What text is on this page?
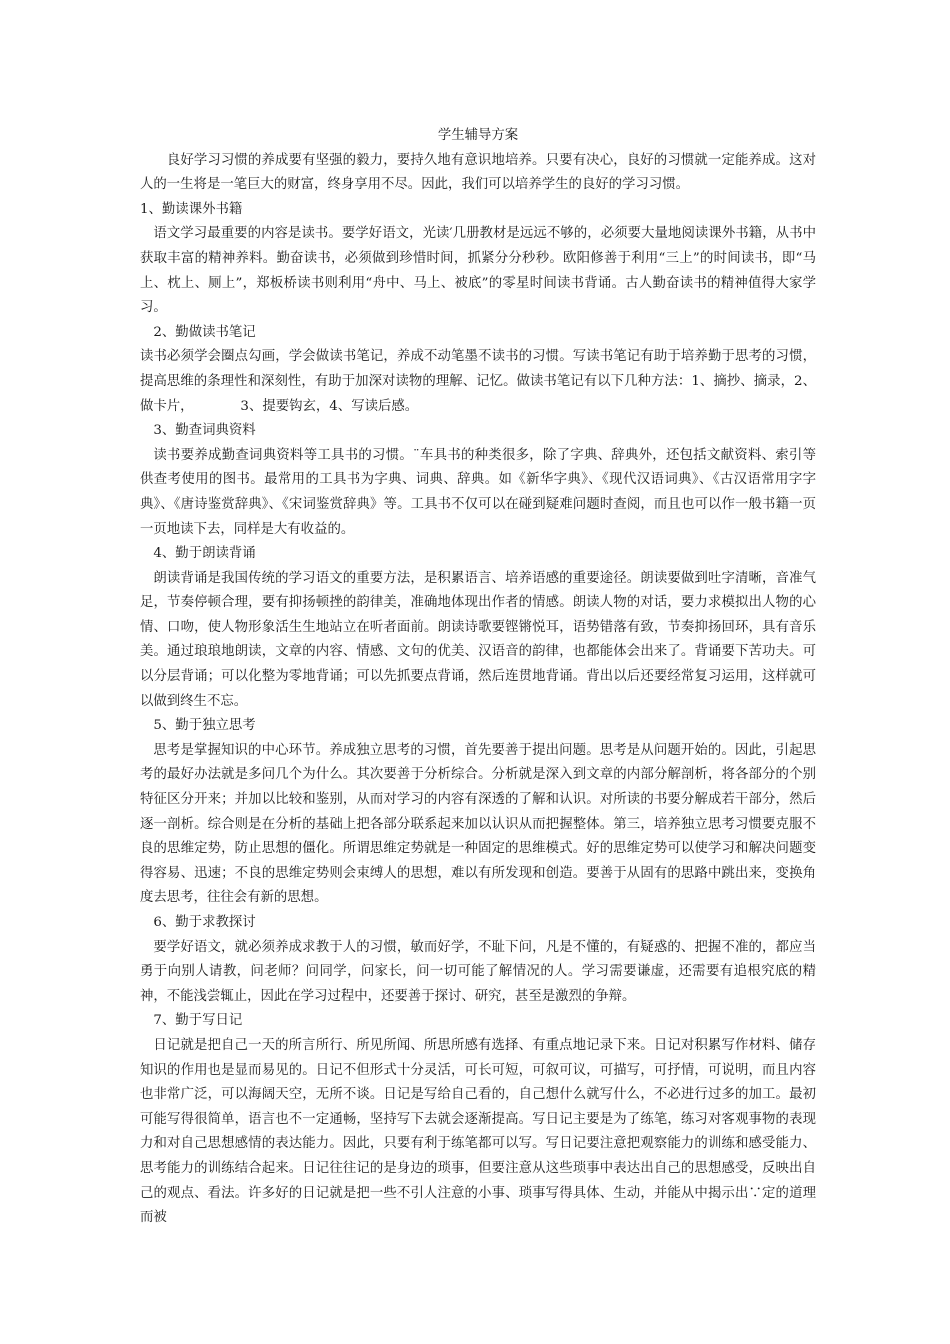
学生辅导方案

良好学习习惯的养成要有坚强的毅力，要持久地有意识地培养。只要有决心，良好的习惯就一定能养成。这对人的一生将是一笔巨大的财富，终身享用不尽。因此，我们可以培养学生的良好的学习习惯。

1、勤读课外书籍

语文学习最重要的内容是读书。要学好语文，光读′几册教材是远远不够的，必须要大量地阅读课外书籍，从书中获取丰富的精神养料。勤奋读书，必须做到珍惜时间，抓紧分分秒秒。欧阳修善于利用“三上”的时间读书，即“马上、枕上、厕上”，郑板桥读书则利用“舟中、马上、被底”的零星时间读书背诵。古人勤奋读书的精神值得大家学习。

2、勤做读书笔记

读书必须学会圈点勾画，学会做读书笔记，养成不动笔墨不读书的习惯。写读书笔记有助于培养勤于思考的习惯，提高思维的条理性和深刻性，有助于加深对读物的理解、记忆。做读书笔记有以下几种方法：1、摘抄、摘录，2、做卡片，　　　　3、提要钩玄，4、写读后感。

3、勤查词典资料

读书要养成勤查词典资料等工具书的习惯。¨车具书的种类很多，除了字典、辞典外，还包括文献资料、索引等供查考使用的图书。最常用的工具书为字典、词典、辞典。如《新华字典》、《现代汉语词典》、《古汉语常用字字典》、《唐诗鉴赏辞典》、《宋词鉴赏辞典》等。工具书不仅可以在碰到疑难问题时查阅，而且也可以作一般书籍一页一页地读下去，同样是大有收益的。

4、勤于朗读背诵

朗读背诵是我国传统的学习语文的重要方法，是积累语言、培养语感的重要途径。朗读要做到吐字清晰，音准气足，节奏停顿合理，要有抑扬顿挫的韵律美，准确地体现出作者的情感。朗读人物的对话，要力求模拟出人物的心情、口吻，使人物形象活生生地站立在听者面前。朗读诗歌要铿锵悦耳，语势错落有致，节奏抑扬回环，具有音乐美。通过琅琅地朗读，文章的内容、情感、文句的优美、汉语音的韵律，也都能体会出来了。背诵要下苦功夫。可以分层背诵；可以化整为零地背诵；可以先抓要点背诵，然后连贯地背诵。背出以后还要经常复习运用，这样就可以做到终生不忘。

5、勤于独立思考

思考是掌握知识的中心环节。养成独立思考的习惯，首先要善于提出问题。思考是从问题开始的。因此，引起思考的最好办法就是多问几个为什么。其次要善于分析综合。分析就是深入到文章的内部分解剖析，将各部分的个别特征区分开来；并加以比较和鉴别，从而对学习的内容有深透的了解和认识。对所读的书要分解成若干部分，然后逐一剖析。综合则是在分析的基础上把各部分联系起来加以认识从而把握整体。第三，培养独立思考习惯要克服不良的思维定势，防止思想的僵化。所谓思维定势就是一种固定的思维模式。好的思维定势可以使学习和解决问题变得容易、迅速；不良的思维定势则会束缚人的思想，难以有所发现和创造。要善于从固有的思路中跳出来，变换角度去思考，往往会有新的思想。

6、勤于求教探讨

要学好语文，就必须养成求教于人的习惯，敏而好学，不耻下问，凡是不懂的，有疑惑的、把握不准的，都应当勇于向别人请教，问老师？问同学，问家长，问一切可能了解情况的人。学习需要谦虚，还需要有追根究底的精神，不能浅尝辄止，因此在学习过程中，还要善于探讨、研究，甚至是激烈的争辩。

7、勤于写日记

日记就是把自己一天的所言所行、所见所闻、所思所感有选择、有重点地记录下来。日记对积累写作材料、储存知识的作用也是显而易见的。日记不但形式十分灵活，可长可短，可叙可议，可描写，可抒情，可说明，而且内容也非常广泛，可以海阔天空，无所不谈。日记是写给自己看的，自己想什么就写什么，不必进行过多的加工。最初可能写得很简单，语言也不一定通畅，坚持写下去就会逐渐提高。写日记主要是为了练笔，练习对客观事物的表现力和对自己思想感情的表达能力。因此，只要有利于练笔都可以写。写日记要注意把观察能力的训练和感受能力、思考能力的训练结合起来。日记往往记的是身边的琐事，但要注意从这些琐事中表达出自己的思想感受，反映出自己的观点、看法。许多好的日记就是把一些不引人注意的小事、琐事写得具体、生动，并能从中揭示出∵定的道理而被
